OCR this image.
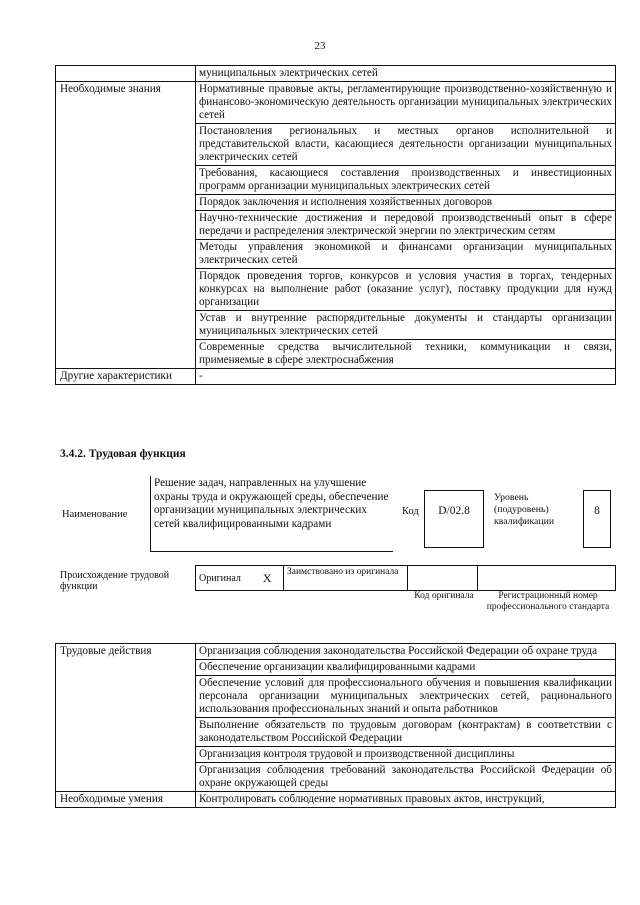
23
	муниципальных электрических сетей
Необходимые знания	Нормативные правовые акты, регламентирующие производственно-хозяйственную и финансово-экономическую деятельность организации муниципальных электрических сетей
	Постановления региональных и местных органов исполнительной и представительской власти, касающиеся деятельности организации муниципальных электрических сетей
	Требования, касающиеся составления производственных и инвестиционных программ организации муниципальных электрических сетей
	Порядок заключения и исполнения хозяйственных договоров
	Научно-технические достижения и передовой производственный опыт в сфере передачи и распределения электрической энергии по электрическим сетям
	Методы управления экономикой и финансами организации муниципальных электрических сетей
	Порядок проведения торгов, конкурсов и условия участия в торгах, тендерных конкурсах на выполнение работ (оказание услуг), поставку продукции для нужд организации
	Устав и внутренние распорядительные документы и стандарты организации муниципальных электрических сетей
	Современные средства вычислительной техники, коммуникации и связи, применяемые в сфере электроснабжения
Другие характеристики	-
3.4.2. Трудовая функция
Наименование
Решение задач, направленных на улучшение охраны труда и окружающей среды, обеспечение организации муниципальных электрических сетей квалифицированными кадрами
Код	D/02.8
Уровень (подуровень) квалификации
8
Происхождение трудовой функции
Оригинал	X	Заимствовано из оригинала		
Код оригинала	Регистрационный номер профессионального стандарта
Трудовые действия	Организация соблюдения законодательства Российской Федерации об охране труда
	Обеспечение организации квалифицированными кадрами
	Обеспечение условий для профессионального обучения и повышения квалификации персонала организации муниципальных электрических сетей, рационального использования профессиональных знаний и опыта работников
	Выполнение обязательств по трудовым договорам (контрактам) в соответствии с законодательством Российской Федерации
	Организация контроля трудовой и производственной дисциплины
	Организация соблюдения требований законодательства Российской Федерации об охране окружающей среды
Необходимые умения	Контролировать соблюдение нормативных правовых актов, инструкций,
